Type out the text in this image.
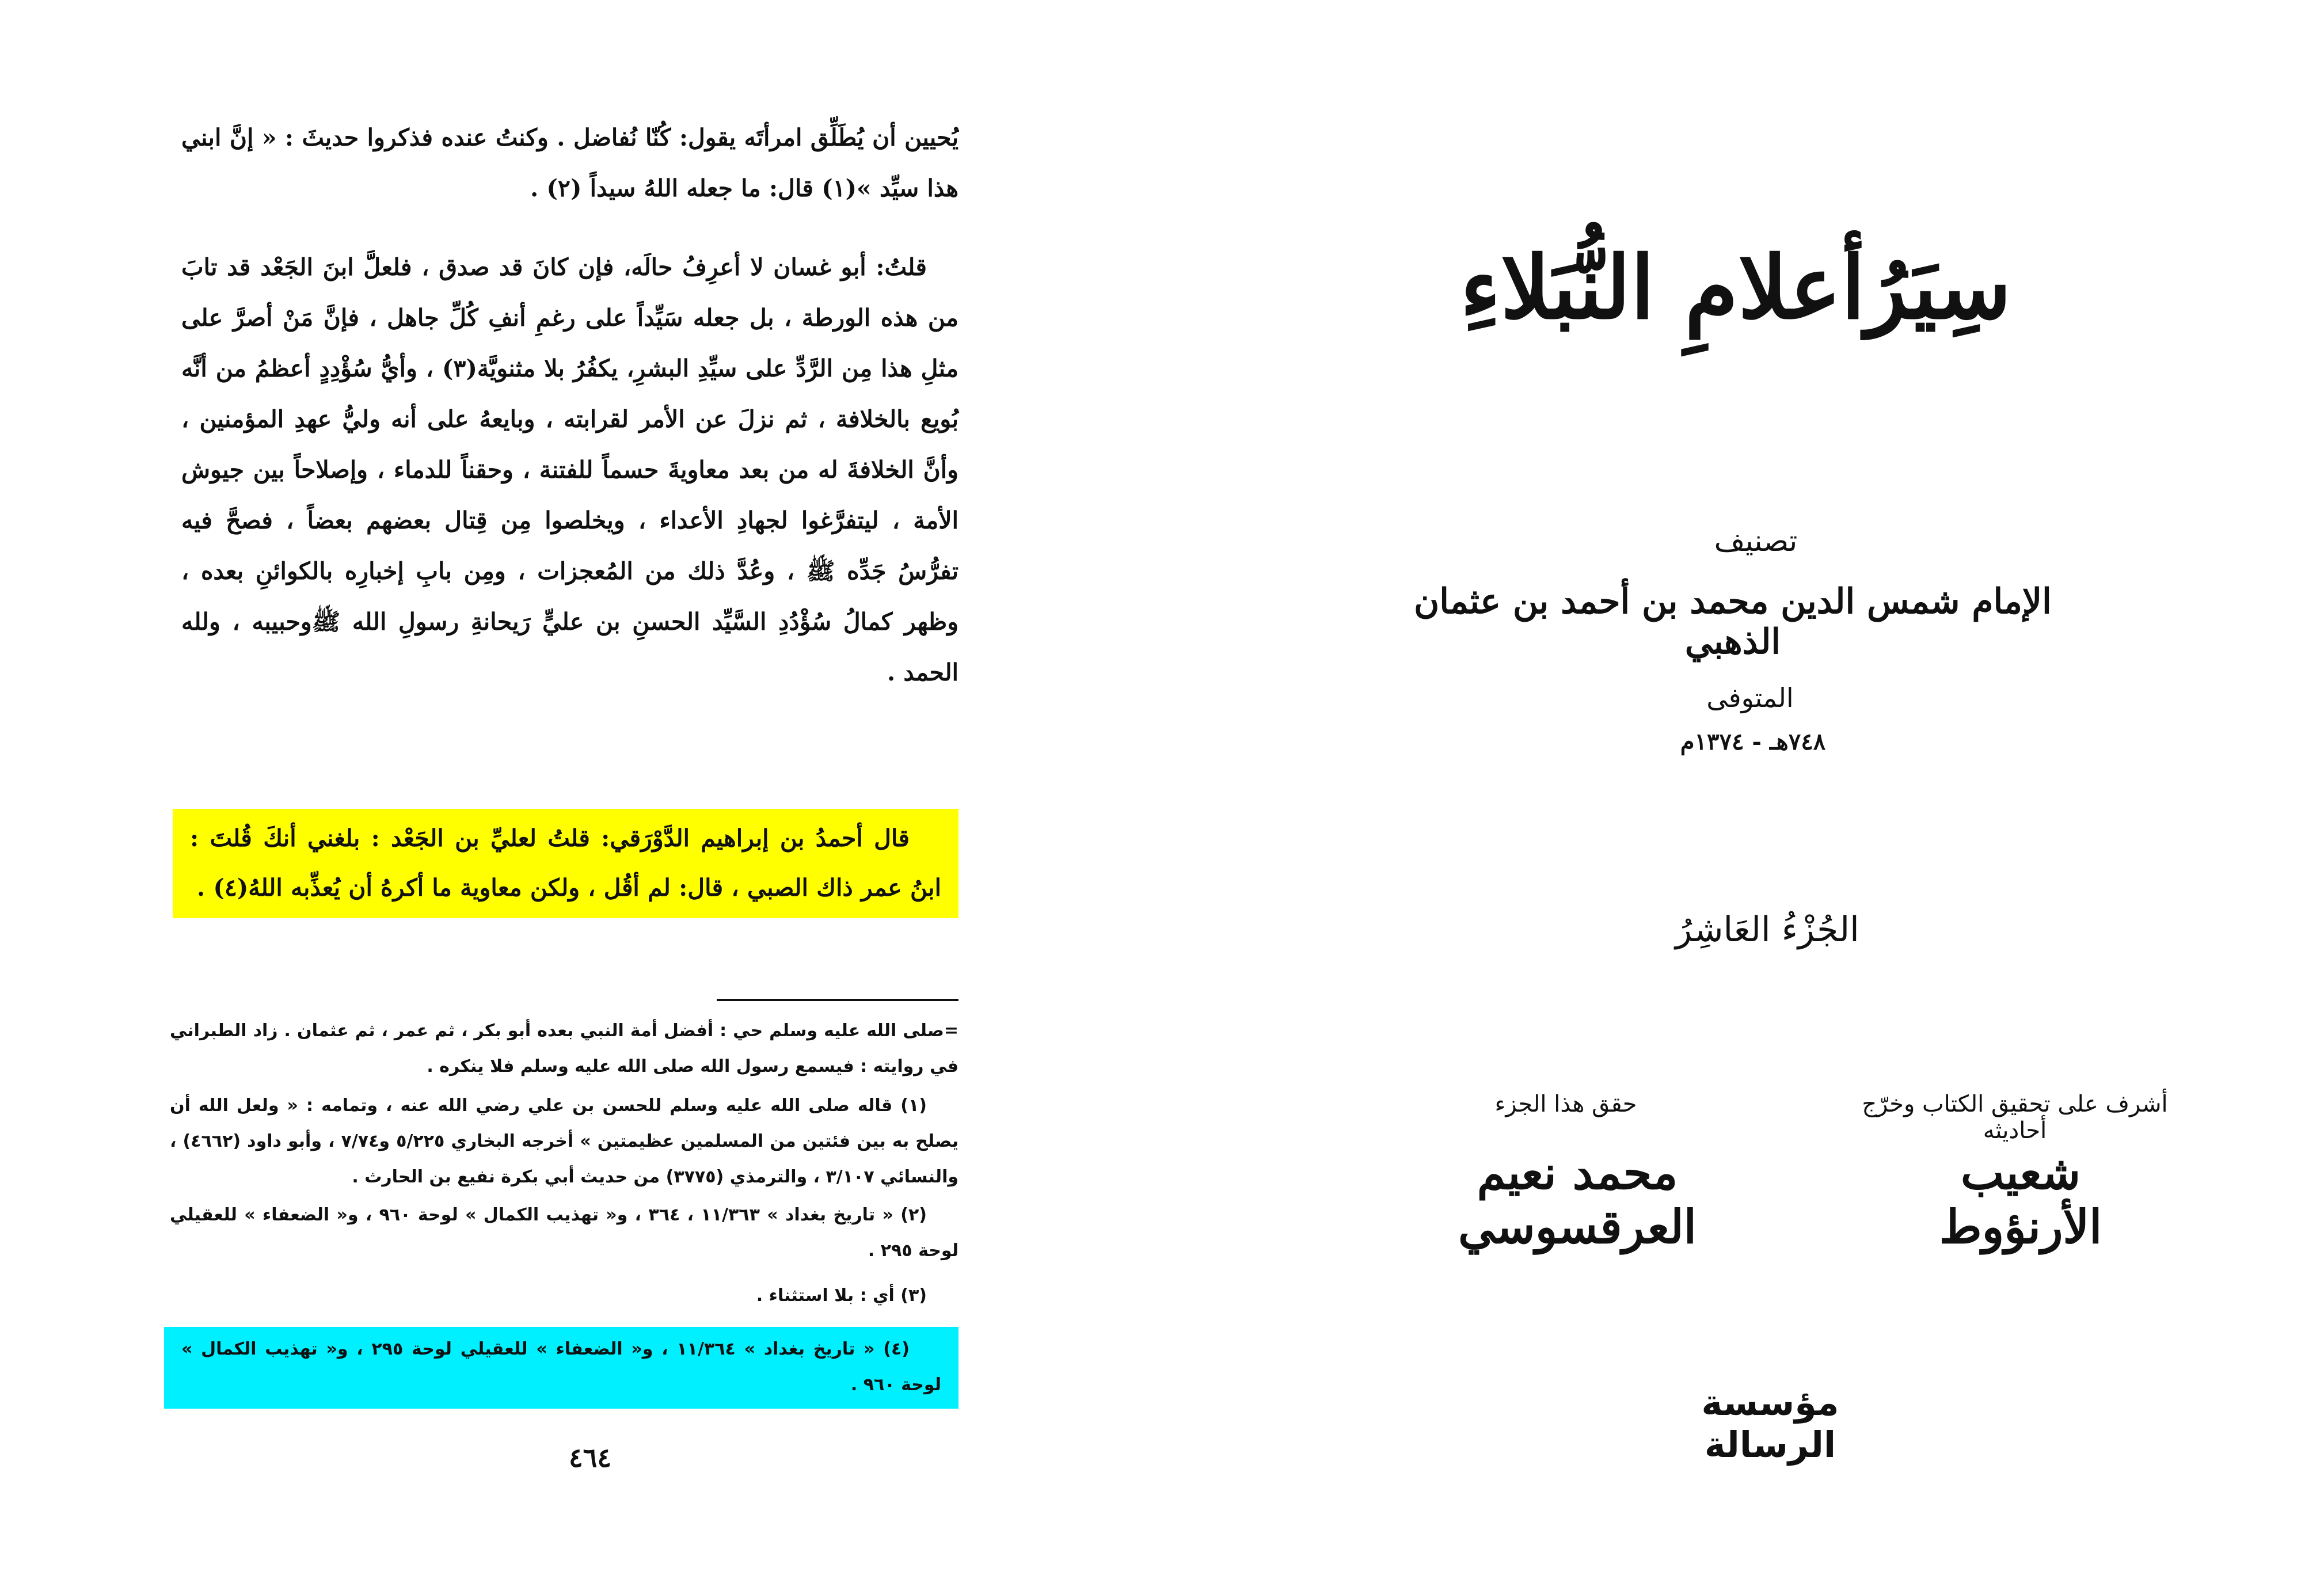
يُحيين أن يُطَلِّق امرأتَه يقول: كُنّا نُفاضل . وكنتُ عنده فذكروا حديثَ : « إنَّ ابني هذا سيِّد »(١) قال: ما جعله اللهُ سيداً (٢) .
قلتُ: أبو غسان لا أعرِفُ حالَه، فإن كانَ قد صدق ، فلعلَّ ابنَ الجَعْد قد تابَ من هذه الورطة ، بل جعله سَيِّداً على رغمِ أنفِ كُلِّ جاهل ، فإنَّ مَنْ أصرَّ على مثلِ هذا مِن الرَّدِّ على سيِّدِ البشرِ، يكفُرُ بلا مثنويَّة(٣) ، وأيُّ سُؤْدِدٍ أعظمُ من أنَّه بُويع بالخلافة ، ثم نزلَ عن الأمر لقرابته ، وبايعهُ على أنه وليُّ عهدِ المؤمنين ، وأنَّ الخلافةَ له من بعد معاويةَ حسماً للفتنة ، وحقناً للدماء ، وإصلاحاً بين جيوش الأمة ، ليتفرَّغوا لجهادِ الأعداء ، ويخلصوا مِن قِتال بعضهم بعضاً ، فصحَّ فيه تفرُّسُ جَدِّه ﷺ ، وعُدَّ ذلك من المُعجزات ، ومِن بابِ إخبارِه بالكوائنِ بعده ، وظهر كمالُ سُؤْدُدِ السَّيِّد الحسنِ بن عليٍّ رَيحانةِ رسولِ الله ﷺوحبيبه ، ولله الحمد .
قال أحمدُ بن إبراهيم الدَّوْرَقي: قلتُ لعليِّ بن الجَعْد : بلغني أنكَ قُلتَ : ابنُ عمر ذاك الصبي ، قال: لم أقُل ، ولكن معاوية ما أكرهُ أن يُعذِّبه اللهُ(٤) .
=صلى الله عليه وسلم حي : أفضل أمة النبي بعده أبو بكر ، ثم عمر ، ثم عثمان . زاد الطبراني في روايته : فيسمع رسول الله صلى الله عليه وسلم فلا ينكره .
(١) قاله صلى الله عليه وسلم للحسن بن علي رضي الله عنه ، وتمامه : « ولعل الله أن يصلح به بين فئتين من المسلمين عظيمتين » أخرجه البخاري ٥/٢٢٥ و٧/٧٤ ، وأبو داود (٤٦٦٢) ، والنسائي ٣/١٠٧ ، والترمذي (٣٧٧٥) من حديث أبي بكرة نفيع بن الحارث .
(٢) « تاريخ بغداد » ١١/٣٦٣ ، ٣٦٤ ، و« تهذيب الكمال » لوحة ٩٦٠ ، و« الضعفاء » للعقيلي لوحة ٢٩٥ .
(٣) أي : بلا استثناء .
(٤) « تاريخ بغداد » ١١/٣٦٤ ، و« الضعفاء » للعقيلي لوحة ٢٩٥ ، و« تهذيب الكمال » لوحة ٩٦٠ .
٤٦٤
سِيَرُأعلامِ النُّبَلاءِ
تصنيف
الإمام شمس الدين محمد بن أحمد بن عثمان الذهبي
المتوفى
٧٤٨هـ - ١٣٧٤م
الجُزْءُ العَاشِرُ
أشرف على تحقيق الكتاب وخرّج أحاديثه
شعيب الأرنؤوط
حقق هذا الجزء
محمد نعيم العرقسوسي
مؤسسة الرسالة
